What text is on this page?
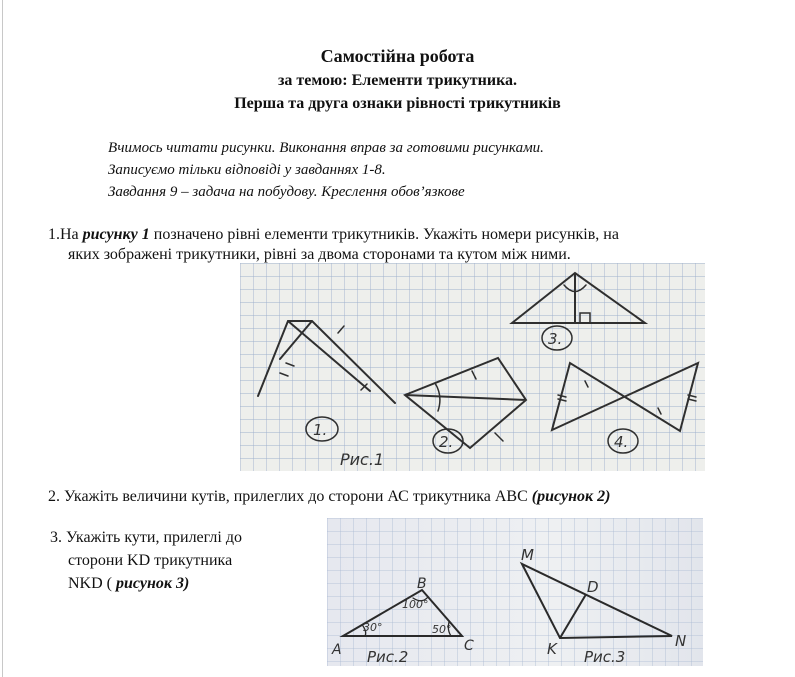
Самостійна робота
за темою: Елементи трикутника.
Перша та друга ознаки рівності трикутників
Вчимось читати рисунки. Виконання вправ за готовими рисунками.
Записуємо тільки відповіді у завданнях 1-8.
Завдання 9 – задача на побудову. Креслення обов’язкове
1.На рисунку 1 позначено рівні елементи трикутників. Укажіть номери рисунків, на
яких зображені трикутники, рівні за двома сторонами та кутом між ними.
1.
2.
3.
4.
Рис.1
2. Укажіть величини кутів, прилеглих до сторони АС трикутника АВС (рисунок 2)
3. Укажіть кути, прилеглі до
сторони KD трикутника
NKD ( рисунок 3)
A
B
C
30°
100°
50°
Рис.2
M
D
K	N
Рис.3
